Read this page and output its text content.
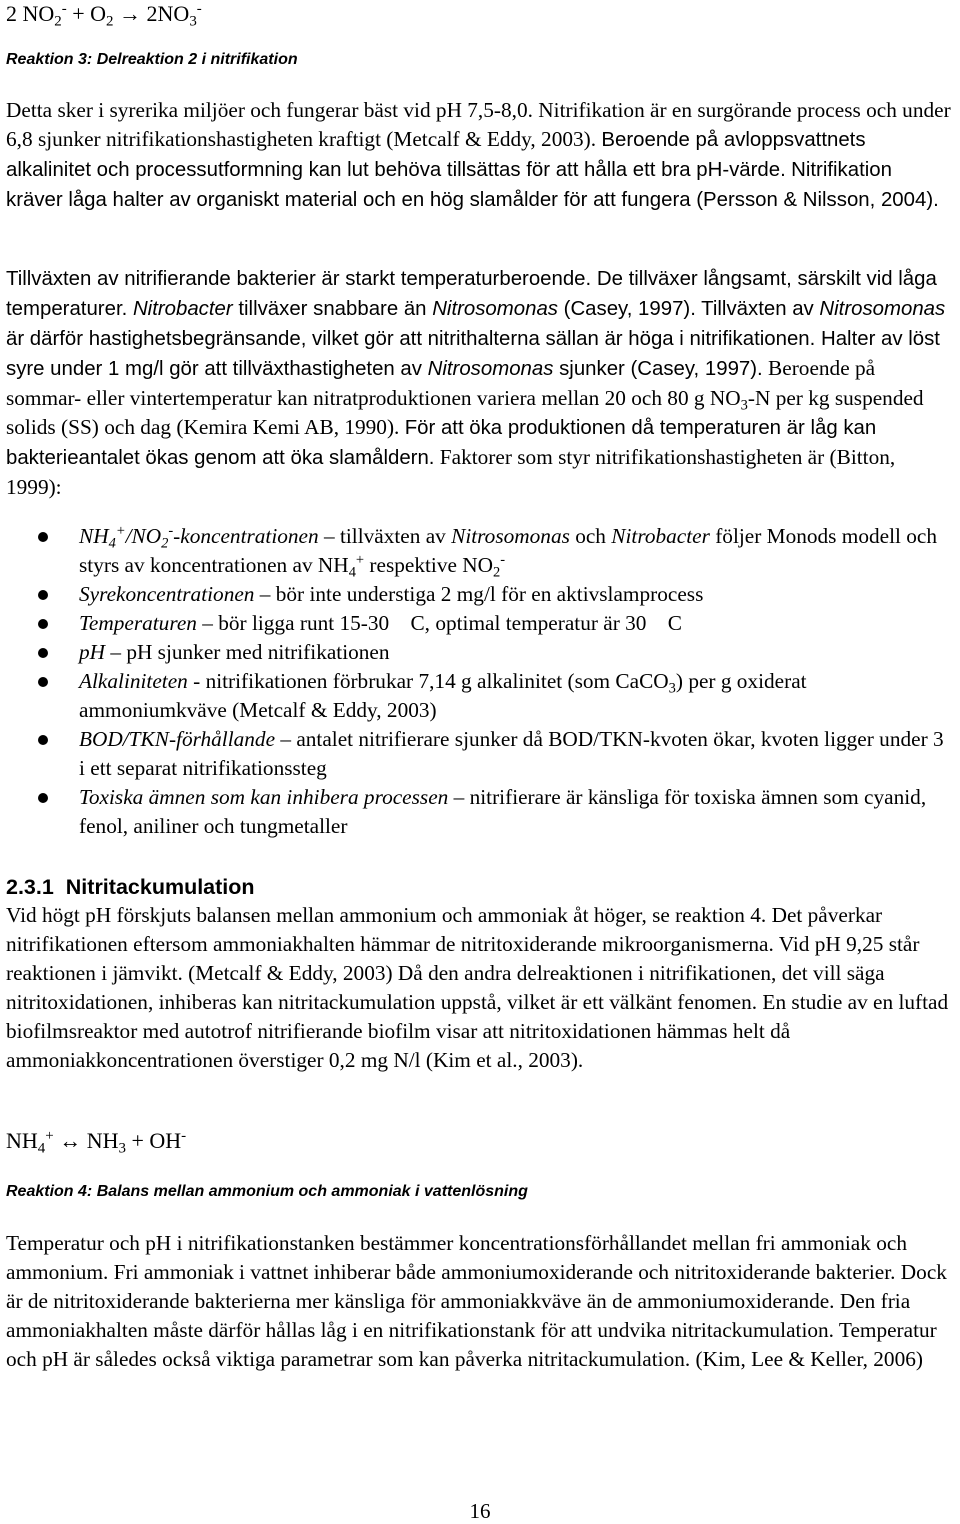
2 $NO_2^- + O_2 \to 2NO_3^-$
Reaktion 3: Delreaktion 2 i nitrifikation

Detta sker i syrerika miljöer och fungerar bäst vid pH 7,5-8,0. Nitrifikation är en surgörande process och under 6,8 sjunker nitrifikationshastigheten kraftigt (Metcalf & Eddy, 2003). Beroende på avloppsvattnets alkalinitet och processutformning kan lut behöva tillsättas för att hålla ett bra pH-värde. Nitrifikation kräver låga halter av organiskt material och en hög slamålder för att fungera (Persson & Nilsson, 2004).

Tillväxten av nitrifierande bakterier är starkt temperaturberoende. De tillväxer långsamt, särskilt vid låga temperaturer. Nitrobacter tillväxer snabbare än Nitrosomonas (Casey, 1997). Tillväxten av Nitrosomonas är därför hastighetsbegränsande, vilket gör att nitrithalterna sällan är höga i nitrifikationen. Halter av löst syre under 1 mg/l gör att tillväxthastigheten av Nitrosomonas sjunker (Casey, 1997). Beroende på sommar- eller vintertemperatur kan nitratproduktionen variera mellan 20 och 80 g $NO_3-N$ per kg suspended solids (SS) och dag (Kemira Kemi AB, 1990). För att öka produktionen då temperaturen är låg kan bakterieantalet ökas genom att öka slamåldern. Faktorer som styr nitrifikationshastigheten är (Bitton, 1999):

$NH_4^+/NO_2^-$-koncentrationen – tillväxten av Nitrosomonas och Nitrobacter följer Monods modell och styrs av koncentrationen av $NH_4^+$ respektive $NO_2^-$
Syrekoncentrationen – bör inte understiga 2 mg/l för en aktivslamprocess
Temperaturen – bör ligga runt 15-30 C, optimal temperatur är 30 C
pH – pH sjunker med nitrifikationen
Alkaliniteten - nitrifikationen förbrukar 7,14 g alkalinitet (som CaCO$_3$) per g oxiderat ammoniumkväve (Metcalf & Eddy, 2003)
BOD/TKN-förhållande – antalet nitrifierare sjunker då BOD/TKN-kvoten ökar, kvoten ligger under 3 i ett separat nitrifikationssteg
Toxiska ämnen som kan inhibera processen – nitrifierare är känsliga för toxiska ämnen som cyanid, fenol, aniliner och tungmetaller
2.3.1 Nitritackumulation

Vid högt pH förskjuts balansen mellan ammonium och ammoniak åt höger, se reaktion 4. Det påverkar nitrifikationen eftersom ammoniakhalten hämmar de nitritoxiderande mikroorganismerna. Vid pH 9,25 står reaktionen i jämvikt. (Metcalf & Eddy, 2003) Då den andra delreaktionen i nitrifikationen, det vill säga nitritoxidationen, inhiberas kan nitritackumulation uppstå, vilket är ett välkänt fenomen. En studie av en luftad biofilmsreaktor med autotrof nitrifierande biofilm visar att nitritoxidationen hämmas helt då ammoniakkoncentrationen överstiger 0,2 mg N/l (Kim et al., 2003).

$NH_4^+$ ↔ $NH_3 + OH^-$
Reaktion 4: Balans mellan ammonium och ammoniak i vattenlösning

Temperatur och pH i nitrifikationstanken bestämmer koncentrationsförhållandet mellan fri ammoniak och ammonium. Fri ammoniak i vattnet inhiberar både ammoniumoxiderande och nitritoxiderande bakterier. Dock är de nitritoxiderande bakterierna mer känsliga för ammoniakkväve än de ammoniumoxiderande. Den fria ammoniakhalten måste därför hållas låg i en nitrifikationstank för att undvika nitritackumulation. Temperatur och pH är således också viktiga parametrar som kan påverka nitritackumulation. (Kim, Lee & Keller, 2006)

16
